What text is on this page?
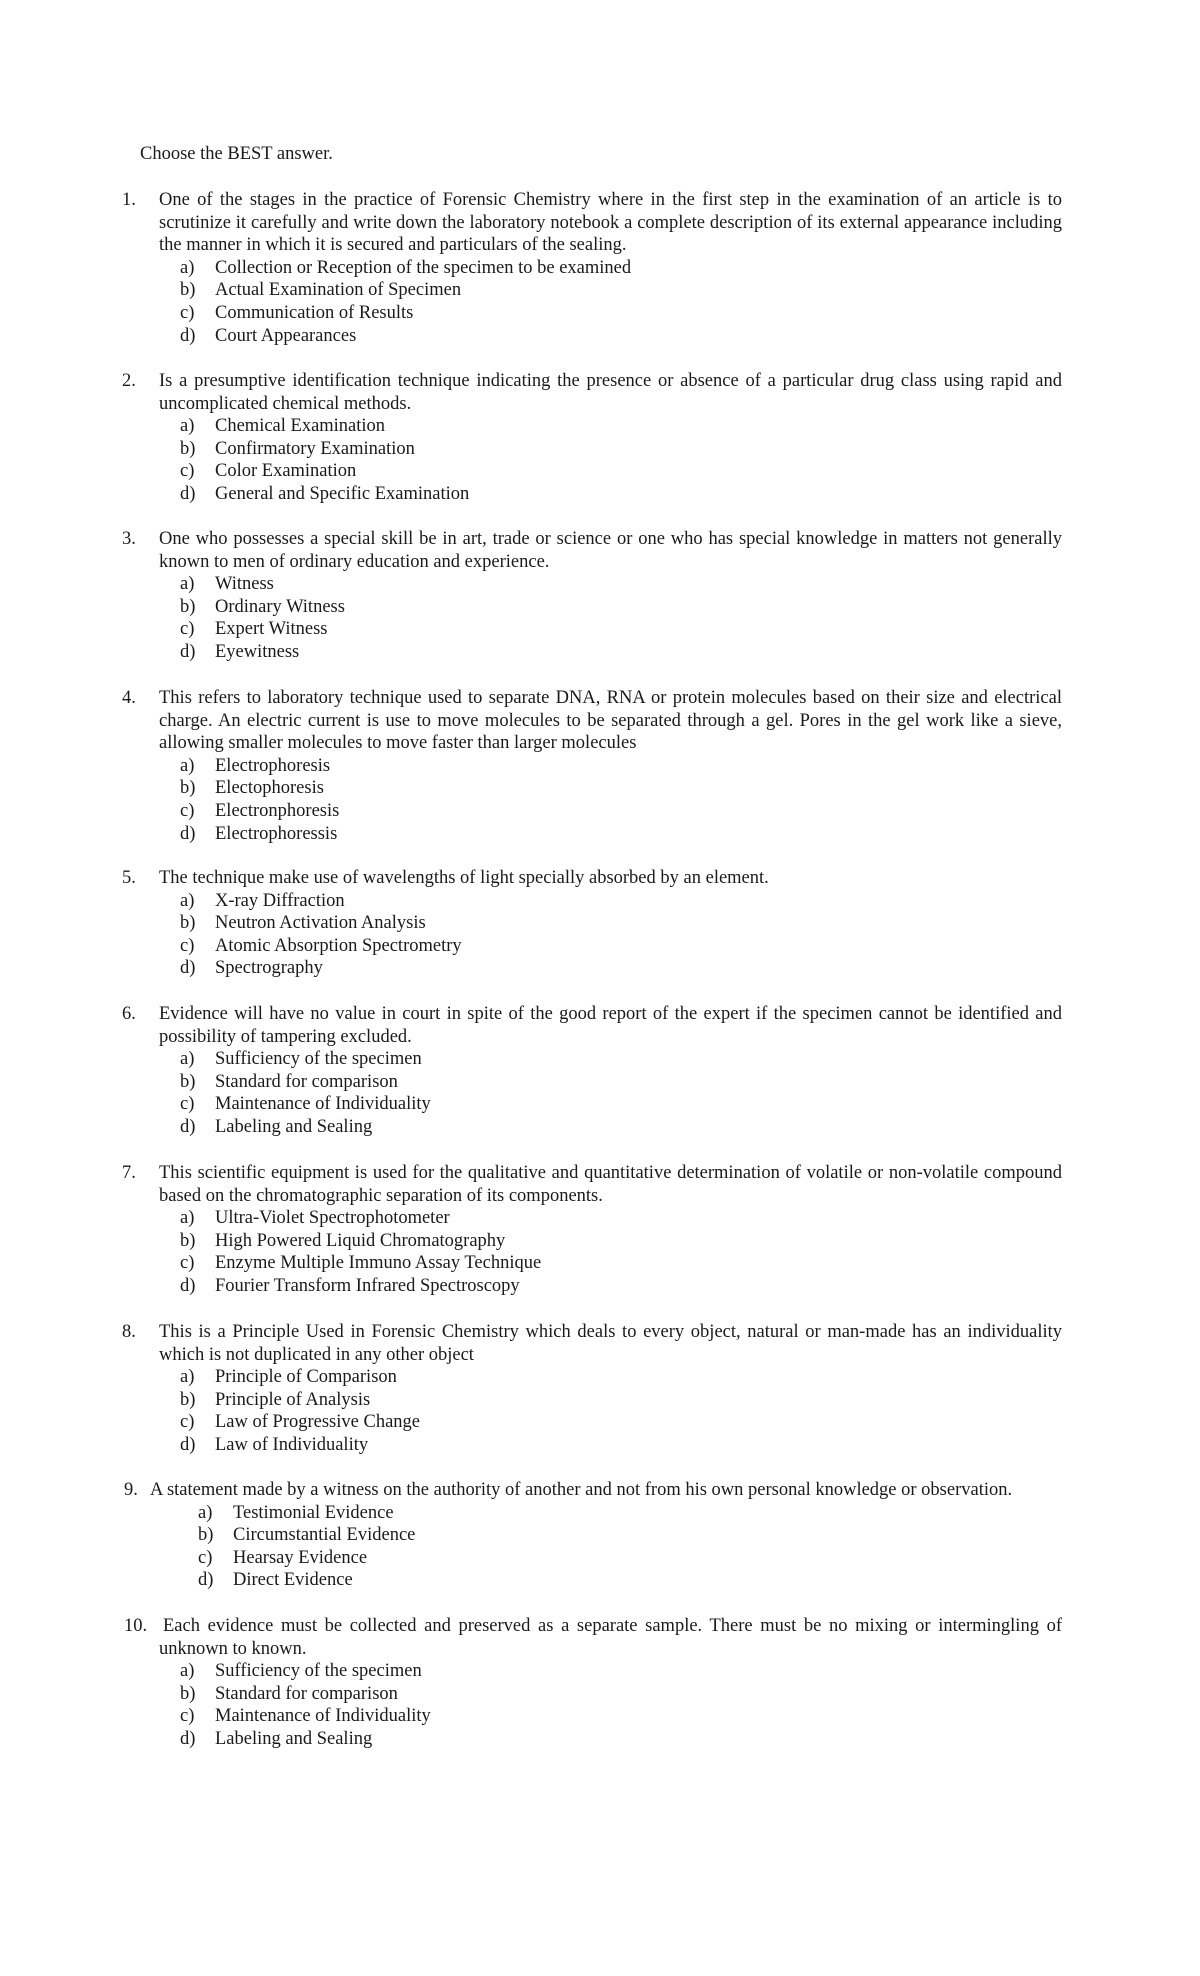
Choose the BEST answer.
1. One of the stages in the practice of Forensic Chemistry where in the first step in the examination of an article is to scrutinize it carefully and write down the laboratory notebook a complete description of its external appearance including the manner in which it is secured and particulars of the sealing.
a) Collection or Reception of the specimen to be examined
b) Actual Examination of Specimen
c) Communication of Results
d) Court Appearances
2. Is a presumptive identification technique indicating the presence or absence of a particular drug class using rapid and uncomplicated chemical methods.
a) Chemical Examination
b) Confirmatory Examination
c) Color Examination
d) General and Specific Examination
3. One who possesses a special skill be in art, trade or science or one who has special knowledge in matters not generally known to men of ordinary education and experience.
a) Witness
b) Ordinary Witness
c) Expert Witness
d) Eyewitness
4. This refers to laboratory technique used to separate DNA, RNA or protein molecules based on their size and electrical charge. An electric current is use to move molecules to be separated through a gel. Pores in the gel work like a sieve, allowing smaller molecules to move faster than larger molecules
a) Electrophoresis
b) Electophoresis
c) Electronphoresis
d) Electrophoressis
5. The technique make use of wavelengths of light specially absorbed by an element.
a) X-ray Diffraction
b) Neutron Activation Analysis
c) Atomic Absorption Spectrometry
d) Spectrography
6. Evidence will have no value in court in spite of the good report of the expert if the specimen cannot be identified and possibility of tampering excluded.
a) Sufficiency of the specimen
b) Standard for comparison
c) Maintenance of Individuality
d) Labeling and Sealing
7. This scientific equipment is used for the qualitative and quantitative determination of volatile or non-volatile compound based on the chromatographic separation of its components.
a) Ultra-Violet Spectrophotometer
b) High Powered Liquid Chromatography
c) Enzyme Multiple Immuno Assay Technique
d) Fourier Transform Infrared Spectroscopy
8. This is a Principle Used in Forensic Chemistry which deals to every object, natural or man-made has an individuality which is not duplicated in any other object
a) Principle of Comparison
b) Principle of Analysis
c) Law of Progressive Change
d) Law of Individuality
9. A statement made by a witness on the authority of another and not from his own personal knowledge or observation.
a) Testimonial Evidence
b) Circumstantial Evidence
c) Hearsay Evidence
d) Direct Evidence
10. Each evidence must be collected and preserved as a separate sample. There must be no mixing or intermingling of unknown to known.
a) Sufficiency of the specimen
b) Standard for comparison
c) Maintenance of Individuality
d) Labeling and Sealing
